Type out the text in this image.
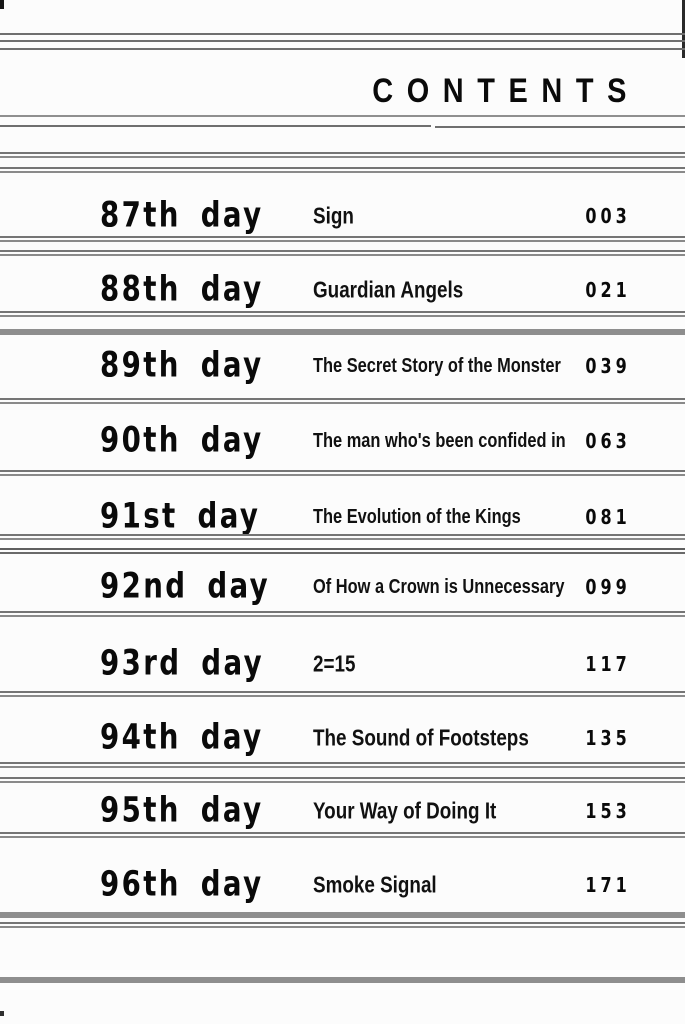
CONTENTS
87th day Sign	003
88th day Guardian Angels	021
89th day The Secret Story of the Monster 039
90th day The man who's been confided in 063
91st day	The Evolution of the Kings	081
92nd day Of How a Crown is Unnecessary 099
93rd day 2=15	117
94th day The Sound of Footsteps	135
95th day Your Way of Doing It	153
96th day Smoke Signal	171
